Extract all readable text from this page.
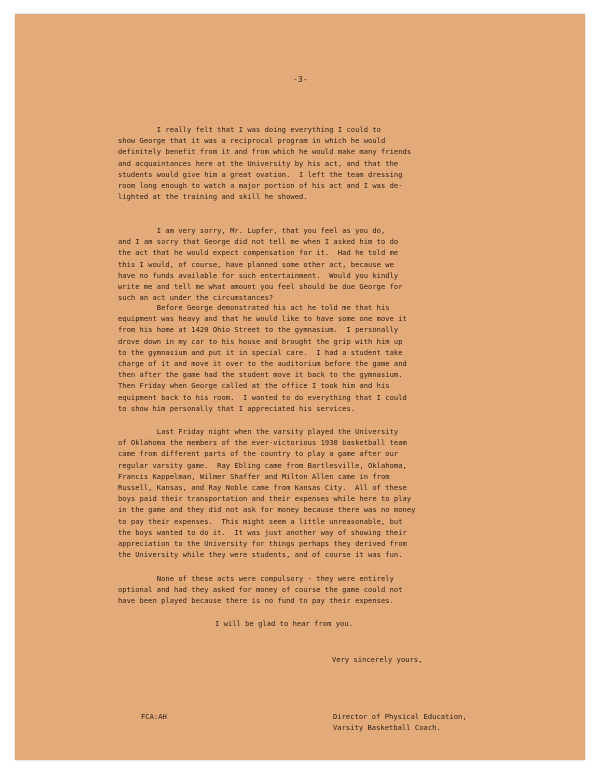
-3-
I really felt that I was doing everything I could to
show George that it was a reciprocal program in which he would
definitely benefit from it and from which he would make many friends
and acquaintances here at the University by his act, and that the
students would give him a great ovation.  I left the team dressing
room long enough to watch a major portion of his act and I was de-
lighted at the training and skill he showed.
I am very sorry, Mr. Lupfer, that you feel as you do,
and I am sorry that George did not tell me when I asked him to do
the act that he would expect compensation for it.  Had he told me
this I would, of course, have planned some other act, because we
have no funds available for such entertainment.  Would you kindly
write me and tell me what amount you feel should be due George for
such an act under the circumstances?
Before George demonstrated his act he told me that his
equipment was heavy and that he would like to have some one move it
from his home at 1420 Ohio Street to the gymnasium.  I personally
drove down in my car to his house and brought the grip with him up
to the gymnasium and put it in special care.  I had a student take
charge of it and move it over to the auditorium before the game and
then after the game had the student move it back to the gymnasium.
Then Friday when George called at the office I took him and his
equipment back to his room.  I wanted to do everything that I could
to show him personally that I appreciated his services.
Last Friday night when the varsity played the University
of Oklahoma the members of the ever-victorious 1930 basketball team
came from different parts of the country to play a game after our
regular varsity game.  Ray Ebling came from Bartlesville, Oklahoma,
Francis Kappelman, Wilmer Shaffer and Milton Allen came in from
Russell, Kansas, and Ray Noble came from Kansas City.  All of these
boys paid their transportation and their expenses while here to play
in the game and they did not ask for money because there was no money
to pay their expenses.  This might seem a little unreasonable, but
the boys wanted to do it.  It was just another way of showing their
appreciation to the University for things perhaps they derived from
the University while they were students, and of course it was fun.
None of these acts were compulsory - they were entirely
optional and had they asked for money of course the game could not
have been played because there is no fund to pay their expenses.
I will be glad to hear from you.
Very sincerely yours,
FCA:AH	Director of Physical Education,
Varsity Basketball Coach.
